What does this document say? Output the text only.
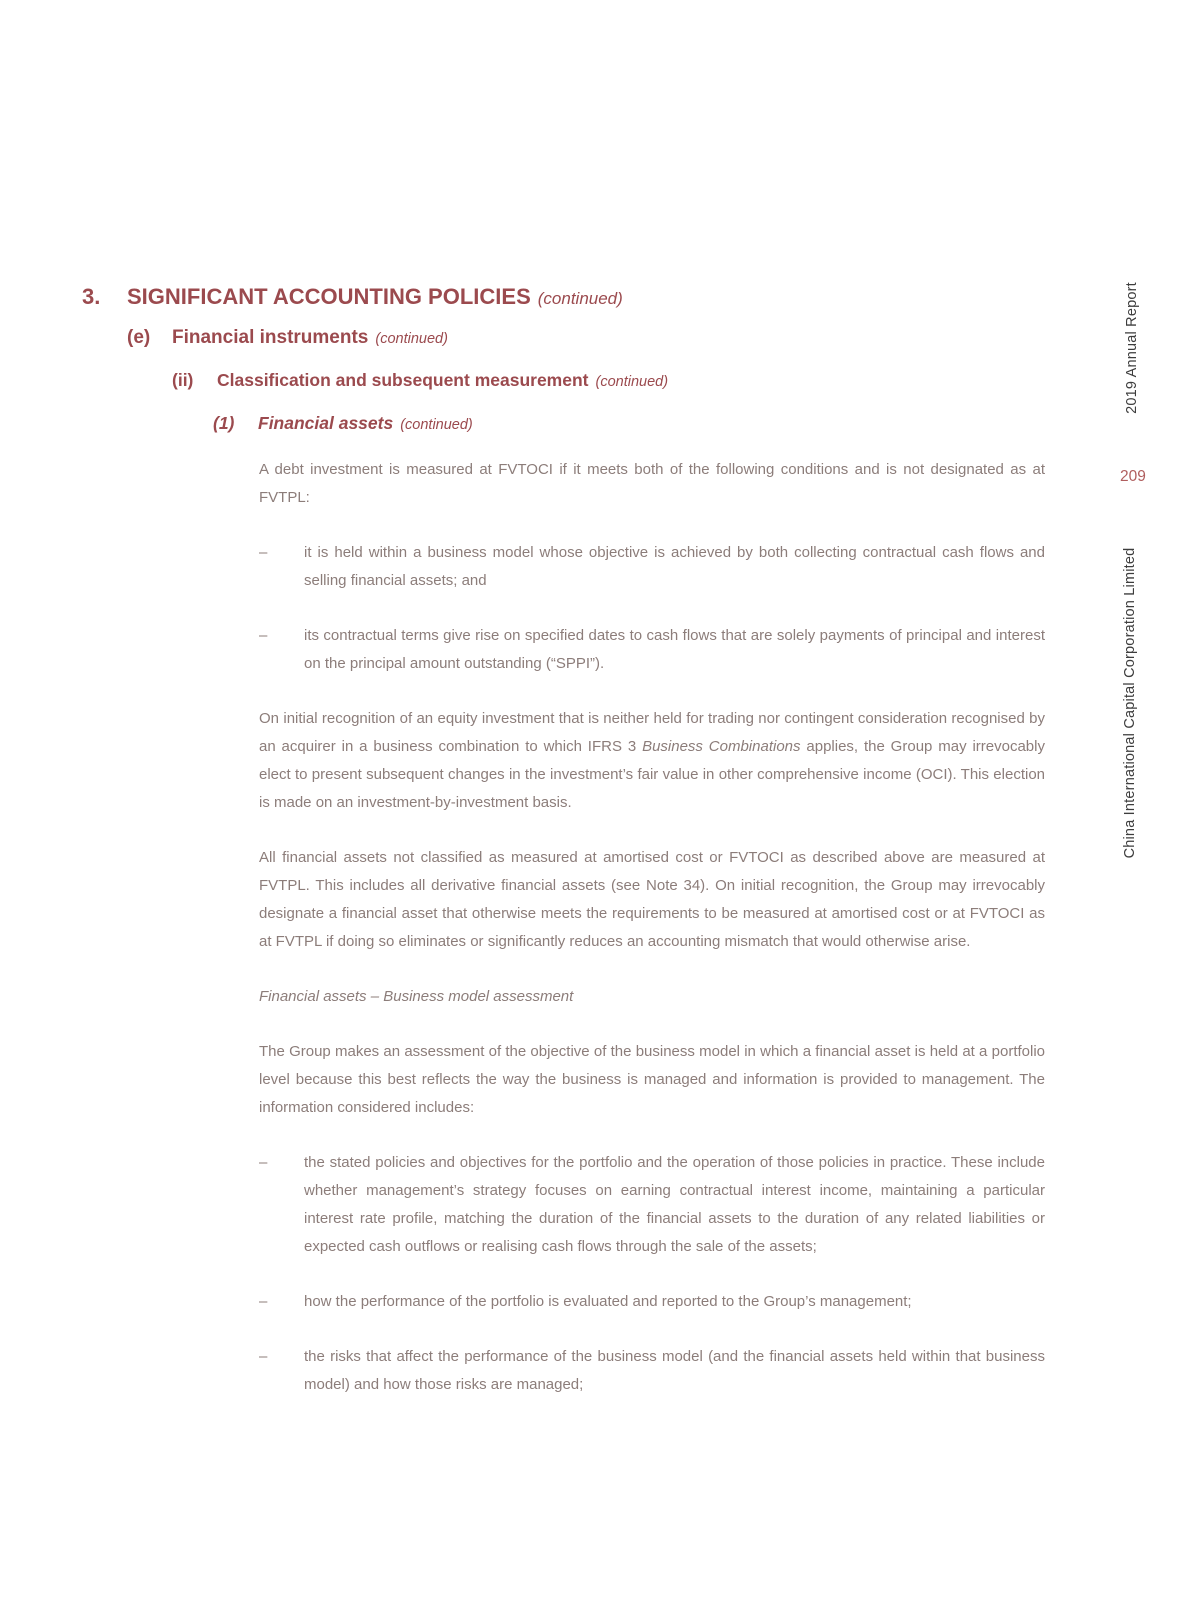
3.	SIGNIFICANT ACCOUNTING POLICIES (continued)
(e)	Financial instruments (continued)
(ii)	Classification and subsequent measurement (continued)
(1)	Financial assets (continued)

A debt investment is measured at FVTOCI if it meets both of the following conditions and is not designated as at FVTPL:

–	it is held within a business model whose objective is achieved by both collecting contractual cash flows and selling financial assets; and
–	its contractual terms give rise on specified dates to cash flows that are solely payments of principal and interest on the principal amount outstanding (“SPPI”).

On initial recognition of an equity investment that is neither held for trading nor contingent consideration recognised by an acquirer in a business combination to which IFRS 3 Business Combinations applies, the Group may irrevocably elect to present subsequent changes in the investment’s fair value in other comprehensive income (OCI). This election is made on an investment-by-investment basis.

All financial assets not classified as measured at amortised cost or FVTOCI as described above are measured at FVTPL. This includes all derivative financial assets (see Note 34). On initial recognition, the Group may irrevocably designate a financial asset that otherwise meets the requirements to be measured at amortised cost or at FVTOCI as at FVTPL if doing so eliminates or significantly reduces an accounting mismatch that would otherwise arise.

Financial assets – Business model assessment

The Group makes an assessment of the objective of the business model in which a financial asset is held at a portfolio level because this best reflects the way the business is managed and information is provided to management. The information considered includes:

–	the stated policies and objectives for the portfolio and the operation of those policies in practice. These include whether management’s strategy focuses on earning contractual interest income, maintaining a particular interest rate profile, matching the duration of the financial assets to the duration of any related liabilities or expected cash outflows or realising cash flows through the sale of the assets;
–	how the performance of the portfolio is evaluated and reported to the Group’s management;
–	the risks that affect the performance of the business model (and the financial assets held within that business model) and how those risks are managed;
2019 Annual Report
209
China International Capital Corporation Limited
